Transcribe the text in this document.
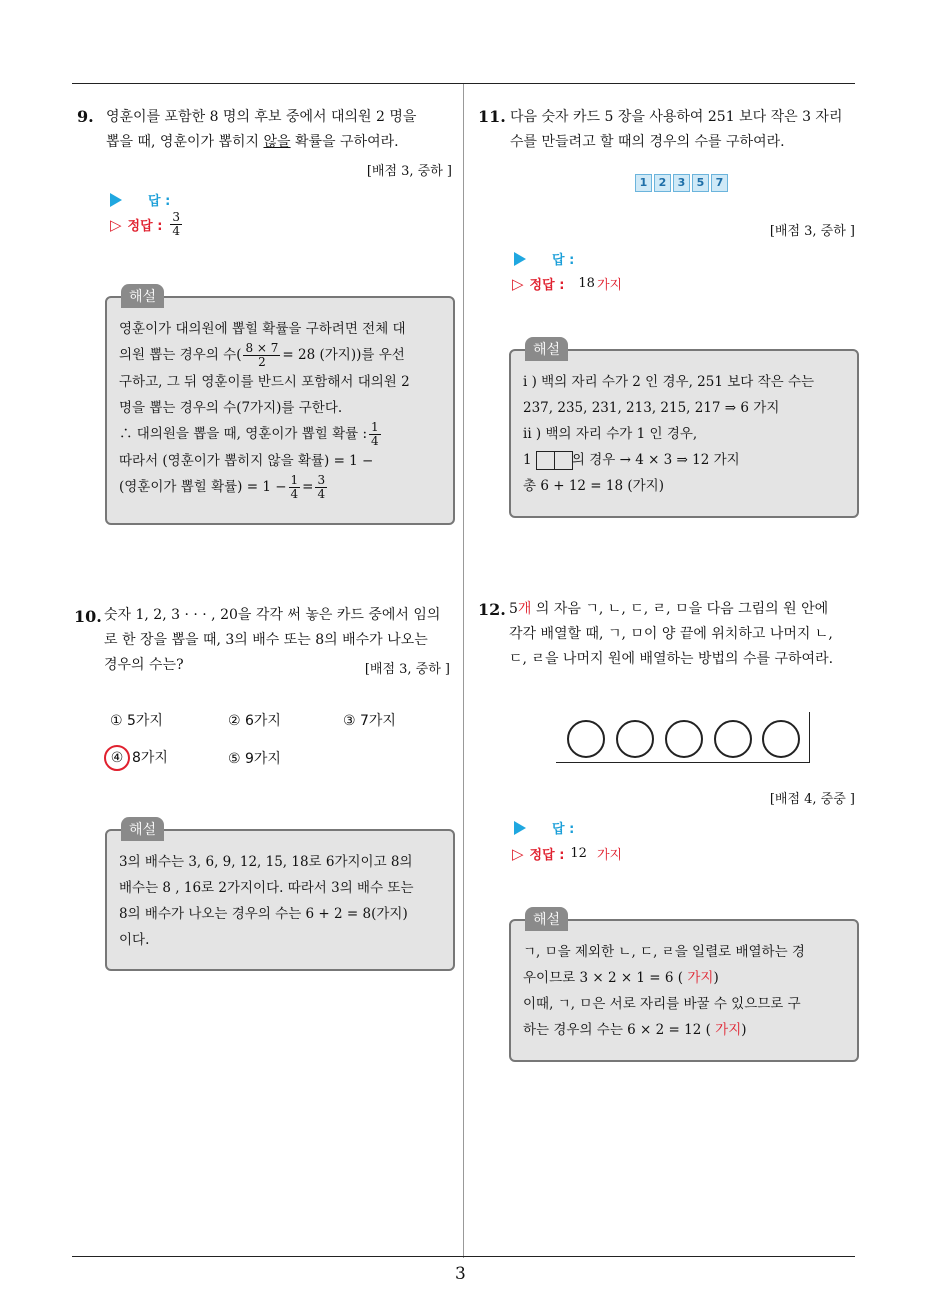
3
9. 영훈이를 포함한 8 명의 후보 중에서 대의원 2 명을
뽑을 때, 영훈이가 뽑히지 않을 확률을 구하여라.
[배점 3, 중하 ]
답 :
▷ 정답 : $\frac{3}{4}$
해설
영훈이가 대의원에 뽑힐 확률을 구하려면 전체 대
의원 뽑는 경우의 수( $\frac{8 \times 7}{2} = 28$ (가지))를 우선
구하고, 그 뒤 영훈이를 반드시 포함해서 대의원 2
명을 뽑는 경우의 수(7가지)를 구한다.
∴ 대의원을 뽑을 때, 영훈이가 뽑힐 확률 : $\frac{1}{4}$
따라서 (영훈이가 뽑히지 않을 확률) = 1 −
(영훈이가 뽑힐 확률) = $1 - \frac{1}{4} = \frac{3}{4}$
10. 숫자 1, 2, 3 · · · , 20을 각각 써 놓은 카드 중에서 임의
로 한 장을 뽑을 때, 3의 배수 또는 8의 배수가 나오는
경우의 수는?	[배점 3, 중하 ]
① 5가지	② 6가지	③ 7가지
④ 8가지	⑤ 9가지
해설
3의 배수는 3, 6, 9, 12, 15, 18로 6가지이고 8의
배수는 8 , 16로 2가지이다. 따라서 3의 배수 또는
8의 배수가 나오는 경우의 수는 6 + 2 = 8(가지)
이다.
11. 다음 숫자 카드 5 장을 사용하여 251 보다 작은 3 자리
수를 만들려고 할 때의 경우의 수를 구하여라.
1 2 3 5 7
[배점 3, 중하 ]
답 :
▷ 정답 : 18 가지
해설
i ) 백의 자리 수가 2 인 경우, 251 보다 작은 수는
237, 235, 231, 213, 215, 217 ⇒ 6 가지
ii ) 백의 자리 수가 1 인 경우,
1	의 경우 → 4 × 3 ⇒ 12 가지
총 6 + 12 = 18 (가지)
12. 5개 의 자음 ㄱ, ㄴ, ㄷ, ㄹ, ㅁ을 다음 그림의 원 안에
각각 배열할 때, ㄱ, ㅁ이 양 끝에 위치하고 나머지 ㄴ,
ㄷ, ㄹ을 나머지 원에 배열하는 방법의 수를 구하여라.
[배점 4, 중중 ]
답 :
▷ 정답 : 12 가지
해설
ㄱ, ㅁ을 제외한 ㄴ, ㄷ, ㄹ을 일렬로 배열하는 경
우이므로 3 × 2 × 1 = 6 ( 가지)
이때, ㄱ, ㅁ은 서로 자리를 바꿀 수 있으므로 구
하는 경우의 수는 6 × 2 = 12 ( 가지)
